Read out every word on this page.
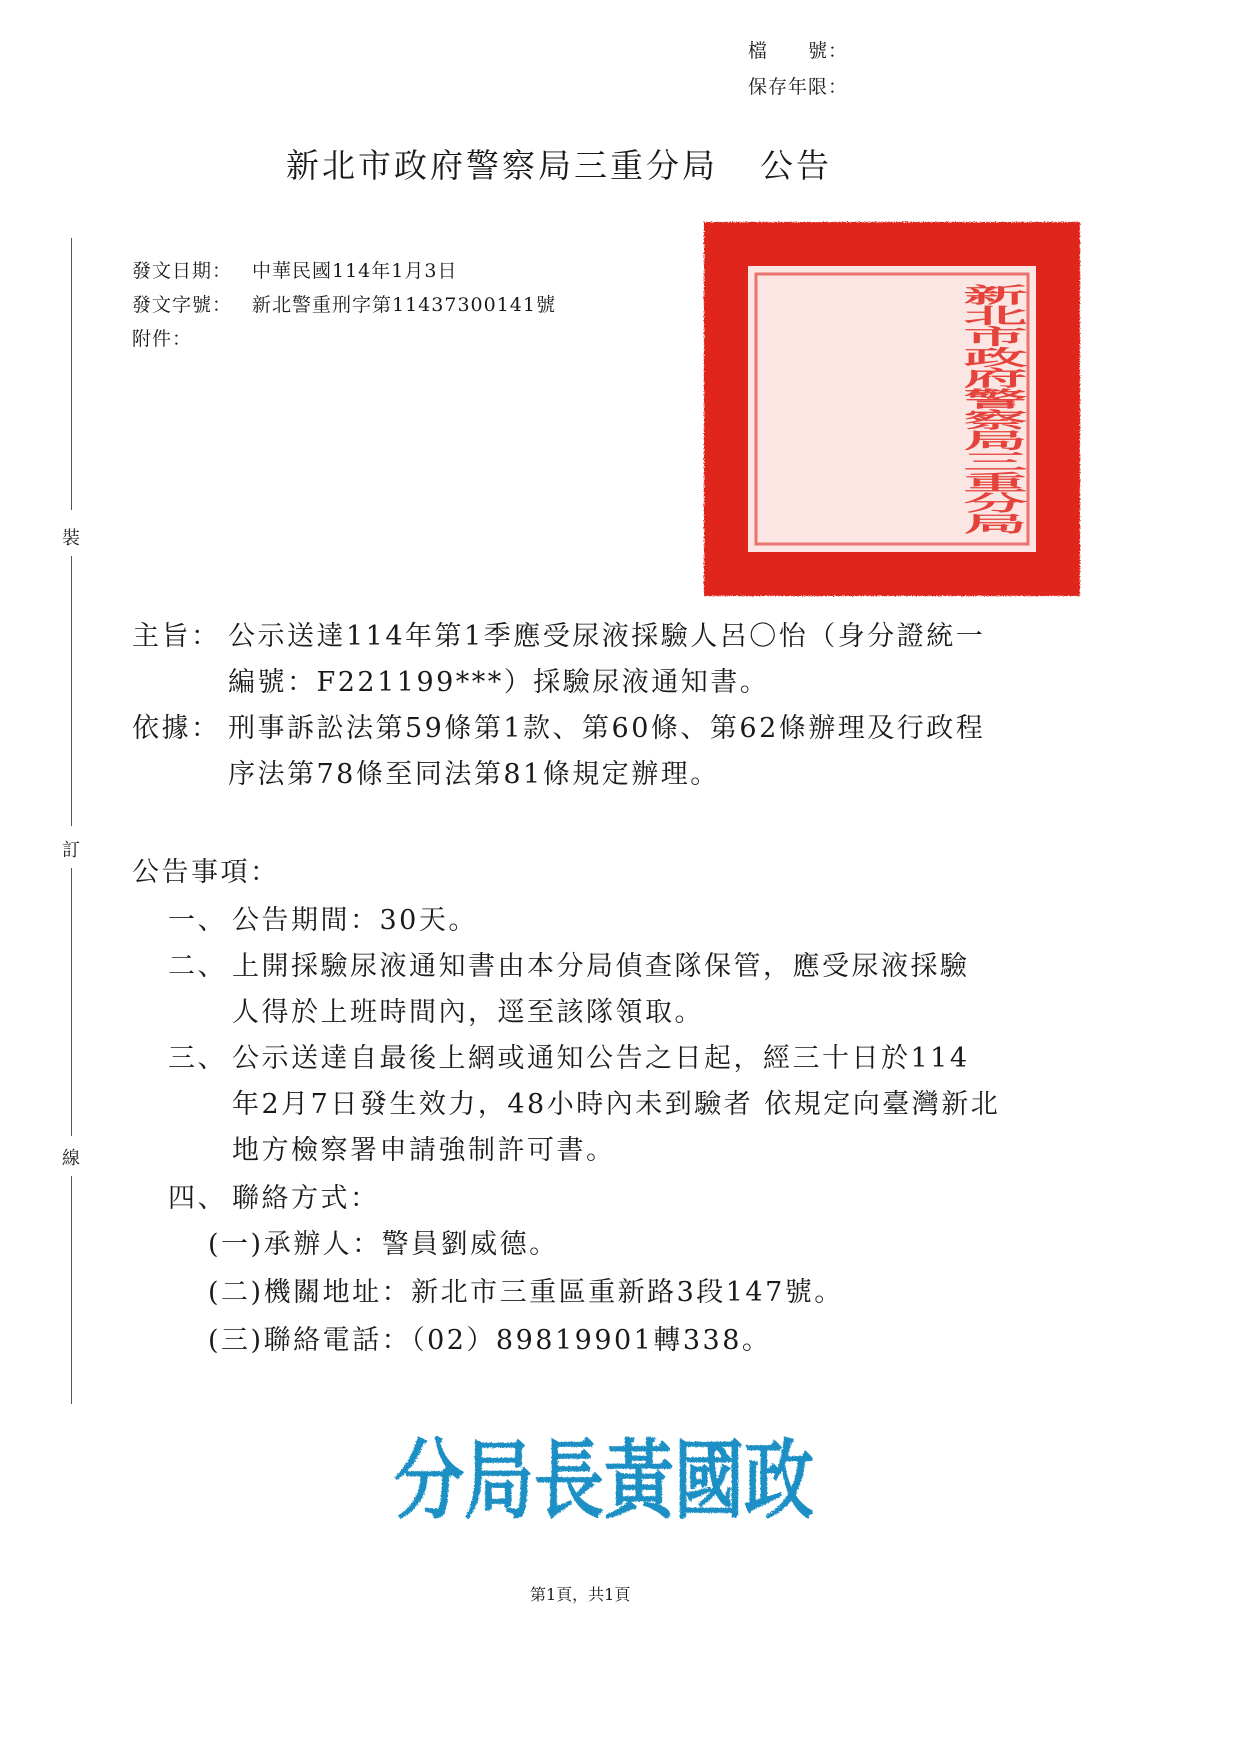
檔　　號：
保存年限：
新北市政府警察局三重分局 公告
裝
訂
線
發文日期：	中華民國114年1月3日
發文字號：	新北警重刑字第11437300141號
附件：	新北市政府警察局三重分局
主旨： 公示送達114年第1季應受尿液採驗人呂〇怡（身分證統一
編號：F221199***）採驗尿液通知書。
依據： 刑事訴訟法第59條第1款、第60條、第62條辦理及行政程
序法第78條至同法第81條規定辦理。
公告事項：
一、 公告期間：30天。
二、 上開採驗尿液通知書由本分局偵查隊保管，應受尿液採驗
人得於上班時間內，逕至該隊領取。
三、 公示送達自最後上網或通知公告之日起，經三十日於114
年2月7日發生效力，48小時內未到驗者 依規定向臺灣新北
地方檢察署申請強制許可書。
四、 聯絡方式：
(一)承辦人：警員劉威德。
(二)機關地址：新北市三重區重新路3段147號。
(三)聯絡電話：（02）89819901轉338。
分局長黃國政
第1頁，共1頁
